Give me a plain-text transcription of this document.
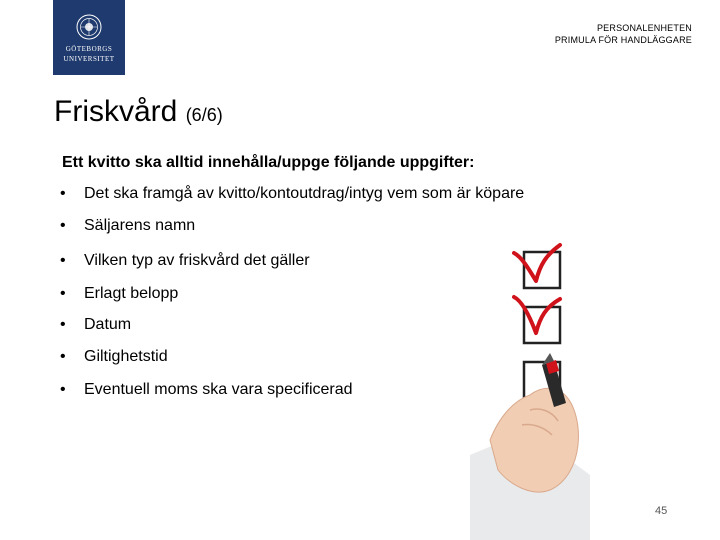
GÖTEBORGS
UNIVERSITET
PERSONALENHETEN
PRIMULA FÖR HANDLÄGGARE
Friskvård (6/6)
Ett kvitto ska alltid innehålla/uppge följande uppgifter:
• Det ska framgå av kvitto/kontoutdrag/intyg vem som är köpare
• Säljarens namn
• Vilken typ av friskvård det gäller
• Erlagt belopp
• Datum
• Giltighetstid
• Eventuell moms ska vara specificerad
45
